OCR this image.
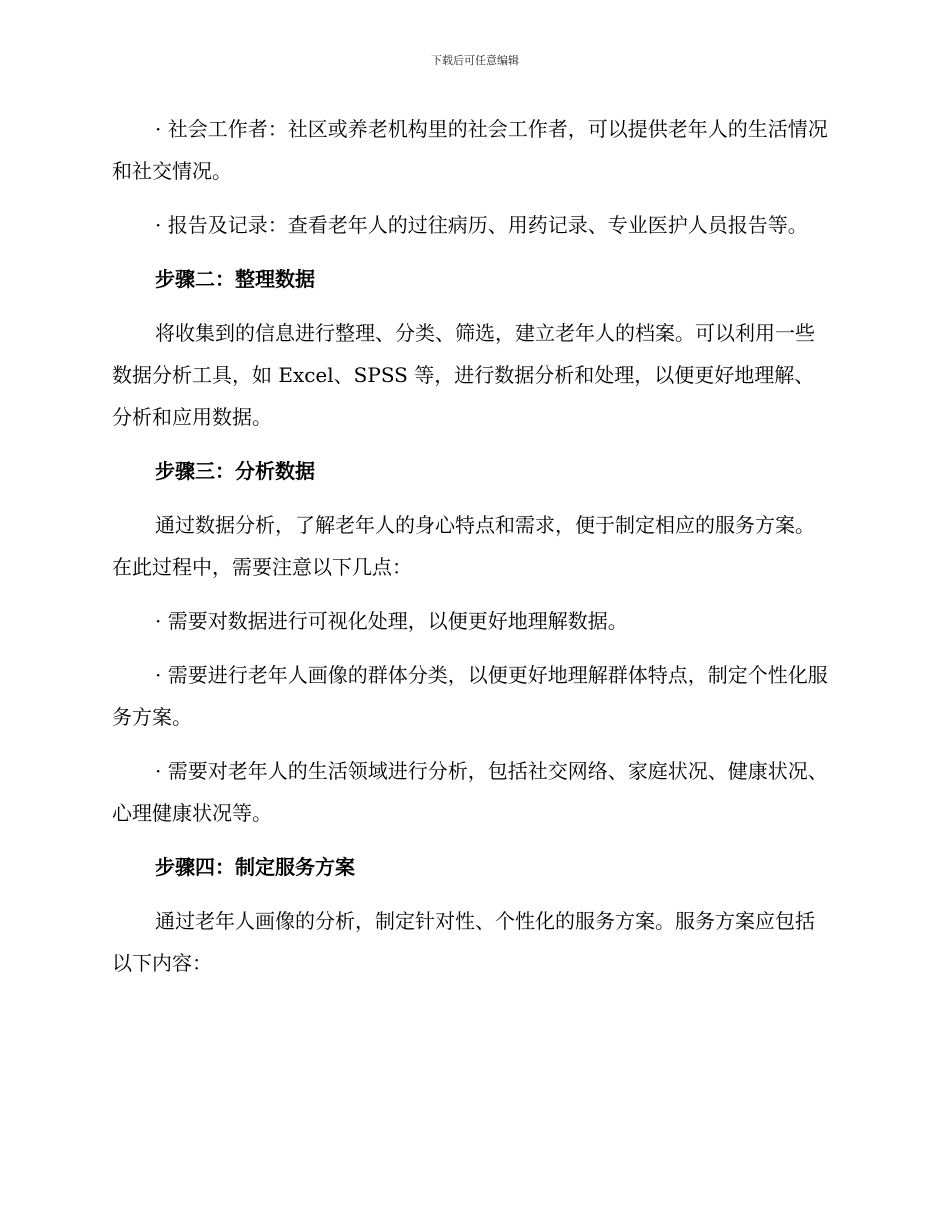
下载后可任意编辑

· 社会工作者：社区或养老机构里的社会工作者，可以提供老年人的生活情况和社交情况。

· 报告及记录：查看老年人的过往病历、用药记录、专业医护人员报告等。

步骤二：整理数据

将收集到的信息进行整理、分类、筛选，建立老年人的档案。可以利用一些数据分析工具，如 Excel、SPSS 等，进行数据分析和处理，以便更好地理解、分析和应用数据。

步骤三：分析数据

通过数据分析，了解老年人的身心特点和需求，便于制定相应的服务方案。在此过程中，需要注意以下几点：

· 需要对数据进行可视化处理，以便更好地理解数据。

· 需要进行老年人画像的群体分类，以便更好地理解群体特点，制定个性化服务方案。

· 需要对老年人的生活领域进行分析，包括社交网络、家庭状况、健康状况、心理健康状况等。

步骤四：制定服务方案

通过老年人画像的分析，制定针对性、个性化的服务方案。服务方案应包括以下内容：
